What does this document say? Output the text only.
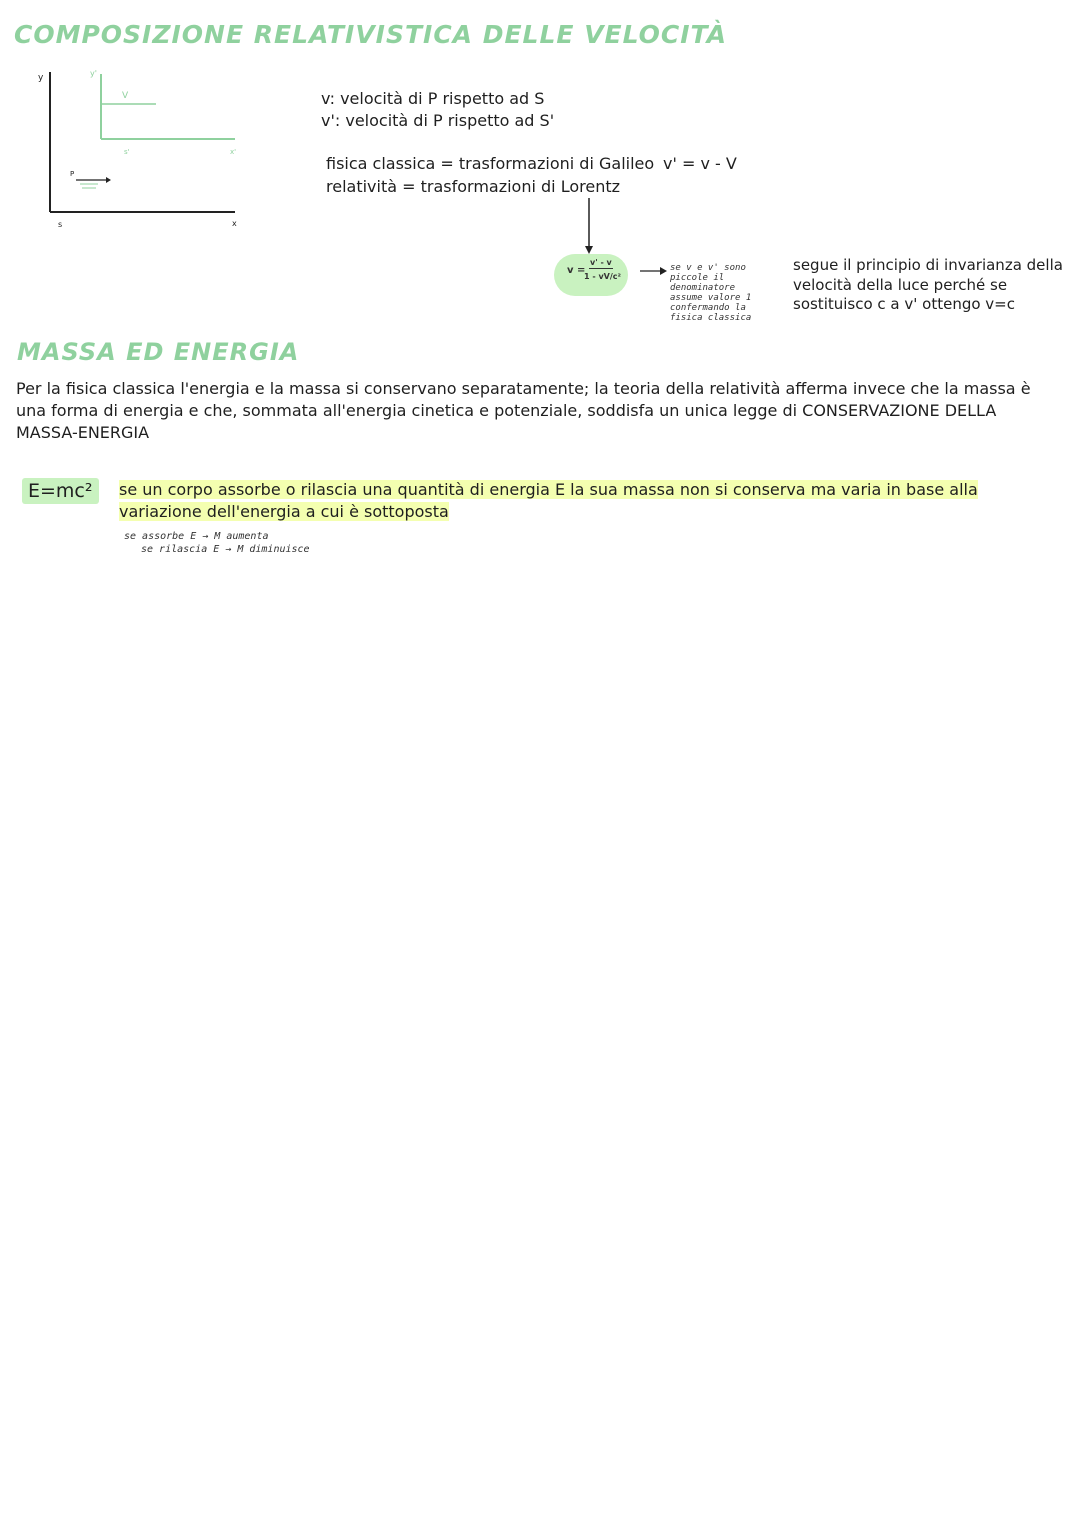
COMPOSIZIONE RELATIVISTICA DELLE VELOCITÀ
y	y'
V
s'	x'
P
s	x
v: velocità di P rispetto ad S
v': velocità di P rispetto ad S'
fisica classica = trasformazioni di Galileo v' = v - V
relatività = trasformazioni di Lorentz
v =
v' - v
1 - vV/c²
se v e v' sono piccole il denominatore assume valore 1 confermando la fisica classica
segue il principio di invarianza della velocità della luce perché se sostituisco c a v' ottengo v=c
MASSA ED ENERGIA
Per la fisica classica l'energia e la massa si conservano separatamente; la teoria della relatività afferma invece che la massa è una forma di energia e che, sommata all'energia cinetica e potenziale, soddisfa un unica legge di CONSERVAZIONE DELLA MASSA-ENERGIA
E=mc²	se un corpo assorbe o rilascia una quantità di energia E la sua massa non si conserva ma varia in base alla variazione dell'energia a cui è sottoposta
se assorbe E → M aumenta
se rilascia E → M diminuisce
